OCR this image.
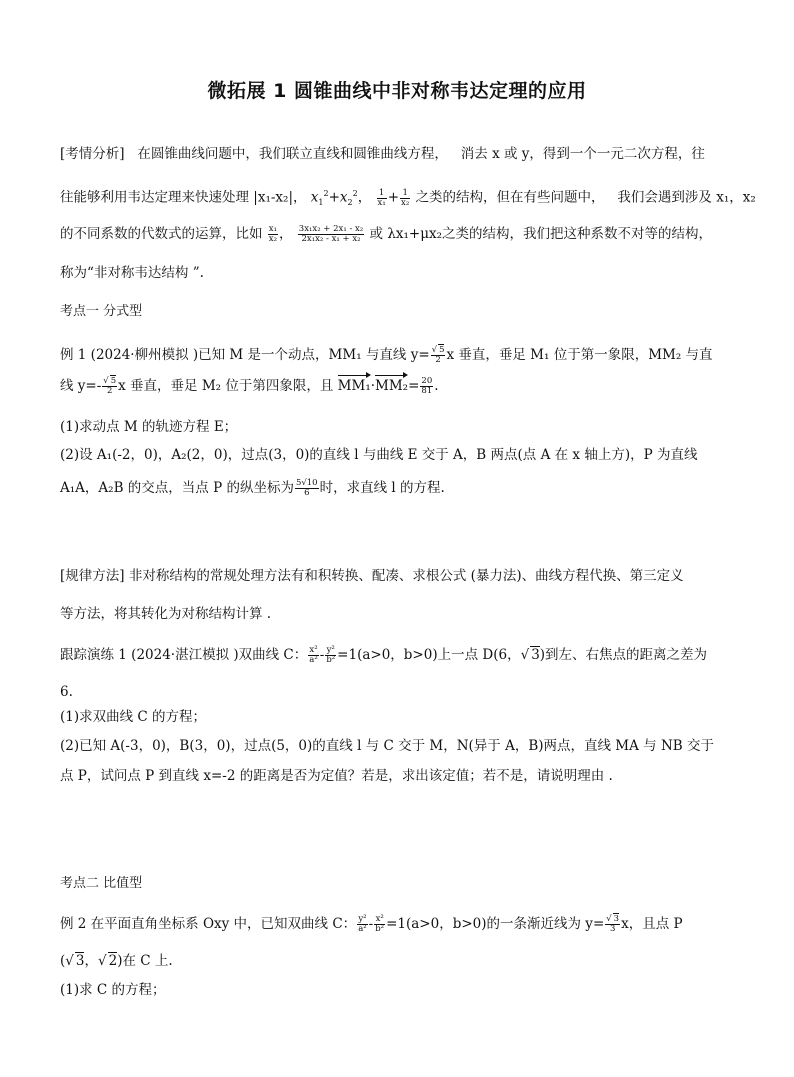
微拓展 1 圆锥曲线中非对称韦达定理的应用
[考情分析] 在圆锥曲线问题中，我们联立直线和圆锥曲线方程， 消去 x 或 y，得到一个一元二次方程，往
往能够利用韦达定理来快速处理 |x₁-x₂|， $x_1^2+x_2^2$， $\frac{1}{\text{x₁}} + \frac{1}{\text{x₂}}$ 之类的结构，但在有些问题中， 我们会遇到涉及 x₁，x₂
的不同系数的代数式的运算，比如 $\frac{\text{x₁}}{\text{x₂}}$ ， $\frac{\text{3x₁x₂ + 2x₁ - x₂}}{\text{2x₁x₂ - x₁ + x₂}}$ 或 λx₁+μx₂之类的结构，我们把这种系数不对等的结构，
称为“非对称韦达结构 ”.
考点一 分式型
例 1 (2024·柳州模拟 )已知 M 是一个动点，MM₁ 与直线 $y= \frac{√ 5}{2}$ x 垂直，垂足 M₁ 位于第一象限，MM₂ 与直
线 $y=- \frac{√ 5}{2}$ x 垂直，垂足 M₂ 位于第四象限，且 $MM_1\cdot MM_2= \frac{20}{81}$ .
(1)求动点 M 的轨迹方程 E；
(2)设 A₁(-2，0)，A₂(2，0)，过点(3，0)的直线 l 与曲线 E 交于 A，B 两点(点 A 在 x 轴上方)，P 为直线
A₁A，A₂B 的交点，当点 P 的纵坐标为 $\frac{5√10}{6}$ 时，求直线 l 的方程.
[规律方法] 非对称结构的常规处理方法有和积转换、配凑、求根公式 (暴力法)、曲线方程代换、第三定义
等方法，将其转化为对称结构计算 .
跟踪演练 1 (2024·湛江模拟 )双曲线 C： $\frac{\text{x²}}{\text{a²}} - \frac{\text{y²}}{\text{b²}} =1(a>0$，b>0)上一点 D(6，√ 3)到左、右焦点的距离之差为
6.
(1)求双曲线 C 的方程；
(2)已知 A(-3，0)，B(3，0)，过点(5，0)的直线 l 与 C 交于 M，N(异于 A，B)两点，直线 MA 与 NB 交于
点 P，试问点 P 到直线 x=-2 的距离是否为定值？若是，求出该定值；若不是，请说明理由 .
考点二 比值型
例 2 在平面直角坐标系 Oxy 中，已知双曲线 C： $\frac{\text{y²}}{\text{a²}} - \frac{\text{x²}}{\text{b²}} =1(a>0$，b>0)的一条渐近线为 $y= \frac{√ 3}{3}$ x，且点 P
(√ 3，√ 2)在 C 上.
(1)求 C 的方程；
